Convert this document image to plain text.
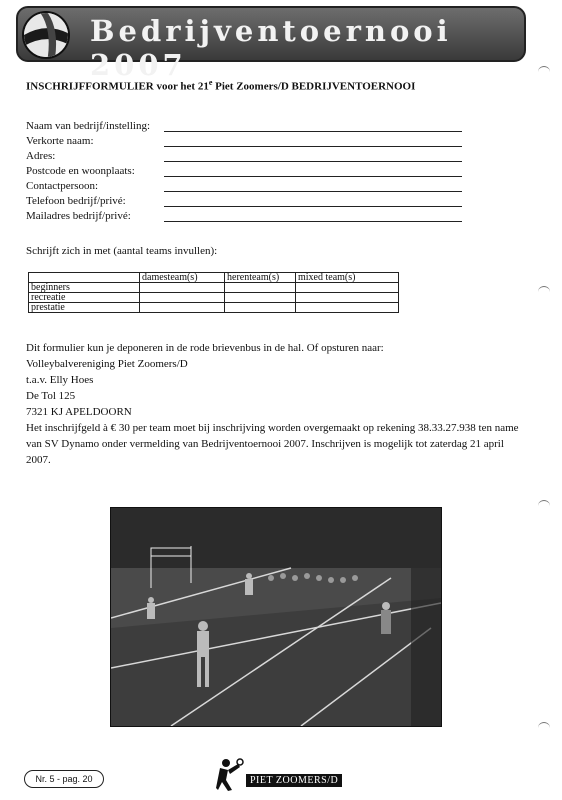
Bedrijventoernooi 2007
INSCHRIJFFORMULIER voor het 21e Piet Zoomers/D BEDRIJVENTOERNOOI
Naam van bedrijf/instelling:
Verkorte naam:
Adres:
Postcode en woonplaats:
Contactpersoon:
Telefoon bedrijf/privé:
Mailadres bedrijf/privé:
Schrijft zich in met (aantal teams invullen):
	damesteam(s)	herenteam(s)	mixed team(s)
beginners			
recreatie			
prestatie			
Dit formulier kun je deponeren in de rode brievenbus in de hal. Of opsturen naar:
Volleybalvereniging Piet Zoomers/D
t.a.v. Elly Hoes
De Tol 125
7321 KJ APELDOORN
Het inschrijfgeld à € 30 per team moet bij inschrijving worden overgemaakt op rekening 38.33.27.938 ten name van SV Dynamo onder vermelding van Bedrijventoernooi 2007. Inschrijven is mogelijk tot zaterdag 21 april 2007.
Nr. 5 - pag. 20	PIET ZOOMERS/D
